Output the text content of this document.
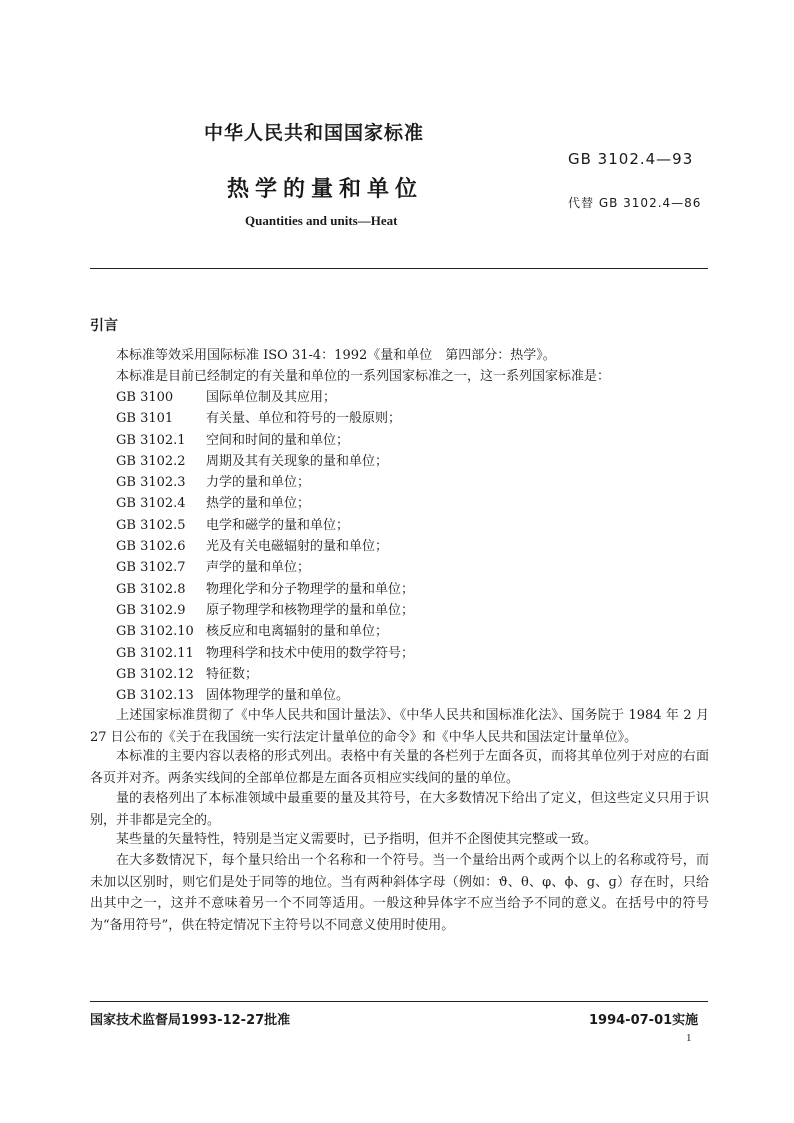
中华人民共和国国家标准
GB 3102.4—93
热学的量和单位
代替 GB 3102.4—86
Quantities and units—Heat
引言
本标准等效采用国际标准 ISO 31-4：1992《量和单位　第四部分：热学》。
本标准是目前已经制定的有关量和单位的一系列国家标准之一，这一系列国家标准是：
GB 3100	国际单位制及其应用；
GB 3101	有关量、单位和符号的一般原则；
GB 3102.1 空间和时间的量和单位；
GB 3102.2 周期及其有关现象的量和单位；
GB 3102.3 力学的量和单位；
GB 3102.4 热学的量和单位；
GB 3102.5 电学和磁学的量和单位；
GB 3102.6 光及有关电磁辐射的量和单位；
GB 3102.7 声学的量和单位；
GB 3102.8 物理化学和分子物理学的量和单位；
GB 3102.9 原子物理学和核物理学的量和单位；
GB 3102.10 核反应和电离辐射的量和单位；
GB 3102.11 物理科学和技术中使用的数学符号；
GB 3102.12 特征数；
GB 3102.13 固体物理学的量和单位。
上述国家标准贯彻了《中华人民共和国计量法》、《中华人民共和国标准化法》、国务院于 1984 年 2 月 27 日公布的《关于在我国统一实行法定计量单位的命令》和《中华人民共和国法定计量单位》。
本标准的主要内容以表格的形式列出。表格中有关量的各栏列于左面各页，而将其单位列于对应的右面各页并对齐。两条实线间的全部单位都是左面各页相应实线间的量的单位。
量的表格列出了本标准领域中最重要的量及其符号，在大多数情况下给出了定义，但这些定义只用于识别，并非都是完全的。
某些量的矢量特性，特别是当定义需要时，已予指明，但并不企图使其完整或一致。
在大多数情况下，每个量只给出一个名称和一个符号。当一个量给出两个或两个以上的名称或符号，而未加以区别时，则它们是处于同等的地位。当有两种斜体字母（例如：ϑ、θ、φ、ϕ、g、ɡ）存在时，只给出其中之一，这并不意味着另一个不同等适用。一般这种异体字不应当给予不同的意义。在括号中的符号为“备用符号”，供在特定情况下主符号以不同意义使用时使用。
国家技术监督局1993-12-27批准	1994-07-01实施
1
